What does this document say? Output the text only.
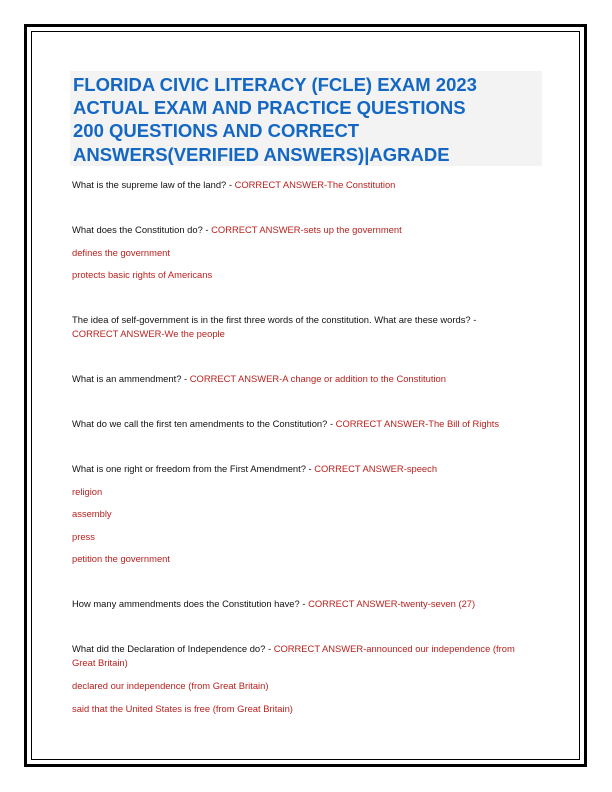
FLORIDA CIVIC LITERACY (FCLE) EXAM 2023
ACTUAL EXAM AND PRACTICE QUESTIONS
200 QUESTIONS AND CORRECT
ANSWERS(VERIFIED ANSWERS)|AGRADE
What is the supreme law of the land? - CORRECT ANSWER-The Constitution
What does the Constitution do? - CORRECT ANSWER-sets up the government
defines the government
protects basic rights of Americans
The idea of self-government is in the first three words of the constitution. What are these words? -
CORRECT ANSWER-We the people
What is an ammendment? - CORRECT ANSWER-A change or addition to the Constitution
What do we call the first ten amendments to the Constitution? - CORRECT ANSWER-The Bill of Rights
What is one right or freedom from the First Amendment? - CORRECT ANSWER-speech
religion
assembly
press
petition the government
How many ammendments does the Constitution have? - CORRECT ANSWER-twenty-seven (27)
What did the Declaration of Independence do? - CORRECT ANSWER-announced our independence (from
Great Britain)
declared our independence (from Great Britain)
said that the United States is free (from Great Britain)
